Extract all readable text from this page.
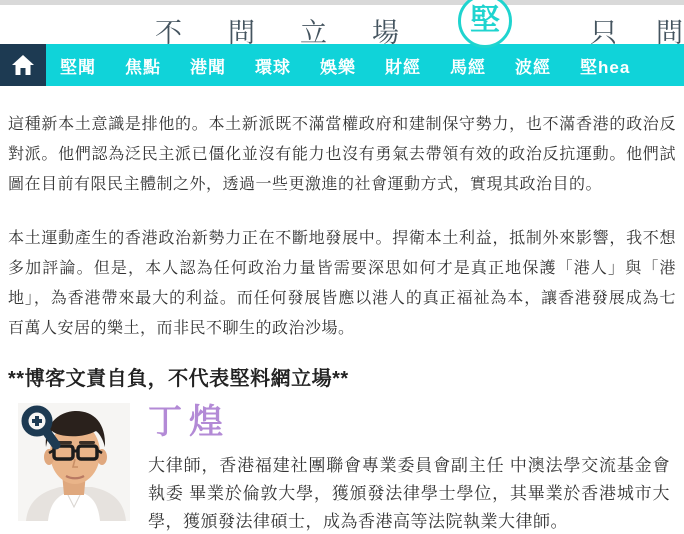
不 問 立 場 堅	只 問
堅聞 焦點 港聞 環球 娛樂 財經 馬經 波經 堅hea

這種新本土意識是排他的。本土新派既不滿當權政府和建制保守勢力，也不滿香港的政治反對派。他們認為泛民主派已僵化並沒有能力也沒有勇氣去帶領有效的政治反抗運動。他們試圖在目前有限民主體制之外，透過一些更激進的社會運動方式，實現其政治目的。

本土運動產生的香港政治新勢力正在不斷地發展中。捍衛本土利益，抵制外來影響，我不想多加評論。但是，本人認為任何政治力量皆需要深思如何才是真正地保護「港人」與「港地」，為香港帶來最大的利益。而任何發展皆應以港人的真正福祉為本，讓香港發展成為七百萬人安居的樂土，而非民不聊生的政治沙場。

**博客文責自負，不代表堅料網立場**

丁煌
大律師，香港福建社團聯會專業委員會副主任 中澳法學交流基金會執委 畢業於倫敦大學，獲頒發法律學士學位，其畢業於香港城市大學，獲頒發法律碩士，成為香港高等法院執業大律師。
